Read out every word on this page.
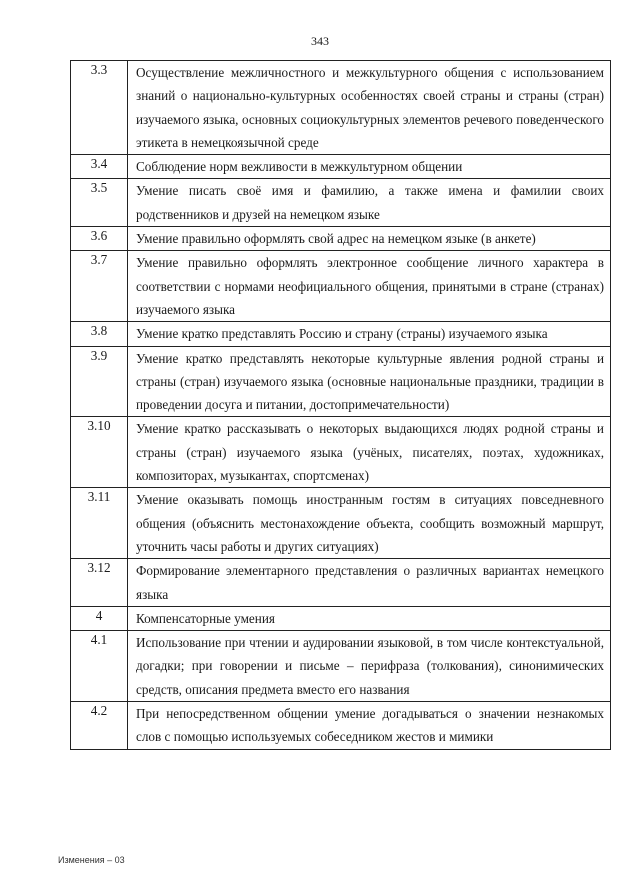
343
3.3	Осуществление межличностного и межкультурного общения с использованием знаний о национально-культурных особенностях своей страны и страны (стран) изучаемого языка, основных социокультурных элементов речевого поведенческого этикета в немецкоязычной среде
3.4	Соблюдение норм вежливости в межкультурном общении
3.5	Умение писать своё имя и фамилию, а также имена и фамилии своих родственников и друзей на немецком языке
3.6	Умение правильно оформлять свой адрес на немецком языке (в анкете)
3.7	Умение правильно оформлять электронное сообщение личного характера в соответствии с нормами неофициального общения, принятыми в стране (странах) изучаемого языка
3.8	Умение кратко представлять Россию и страну (страны) изучаемого языка
3.9	Умение кратко представлять некоторые культурные явления родной страны и страны (стран) изучаемого языка (основные национальные праздники, традиции в проведении досуга и питании, достопримечательности)
3.10	Умение кратко рассказывать о некоторых выдающихся людях родной страны и страны (стран) изучаемого языка (учёных, писателях, поэтах, художниках, композиторах, музыкантах, спортсменах)
3.11	Умение оказывать помощь иностранным гостям в ситуациях повседневного общения (объяснить местонахождение объекта, сообщить возможный маршрут, уточнить часы работы и других ситуациях)
3.12	Формирование элементарного представления о различных вариантах немецкого языка
4	Компенсаторные умения
4.1	Использование при чтении и аудировании языковой, в том числе контекстуальной, догадки; при говорении и письме – перифраза (толкования), синонимических средств, описания предмета вместо его названия
4.2	При непосредственном общении умение догадываться о значении незнакомых слов с помощью используемых собеседником жестов и мимики
Изменения – 03
